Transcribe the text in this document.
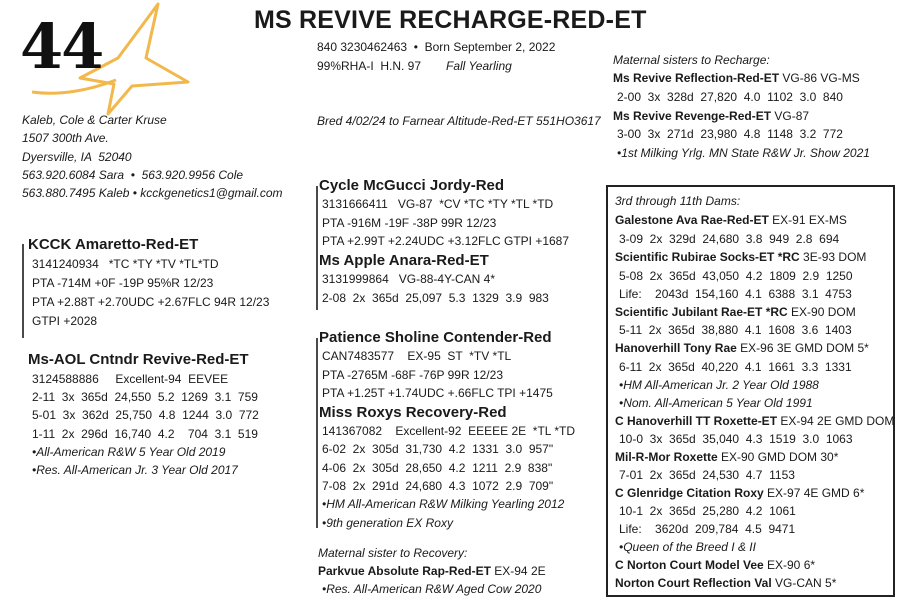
44	MS REVIVE RECHARGE-RED-ET
840 3230462463  •  Born September 2, 2022
99%RHA-I  H.N. 97 Fall Yearling
Bred 4/02/24 to Farnear Altitude-Red-ET 551HO3617
Kaleb, Cole & Carter Kruse
1507 300th Ave.
Dyersville, IA  52040
563.920.6084 Sara  •  563.920.9956 Cole
563.880.7495 Kaleb • kcckgenetics1@gmail.com
KCCK Amaretto-Red-ET
3141240934   *TC *TY *TV *TL*TD
PTA -714M +0F -19P 95%R 12/23
PTA +2.88T +2.70UDC +2.67FLC 94R 12/23
GTPI +2028
Ms-AOL Cntndr Revive-Red-ET
3124588886     Excellent-94  EEVEE
2-11  3x  365d  24,550  5.2  1269  3.1  759
5-01  3x  362d  25,750  4.8  1244  3.0  772
1-11  2x  296d  16,740  4.2    704  3.1  519
•All-American R&W 5 Year Old 2019
•Res. All-American Jr. 3 Year Old 2017
Cycle McGucci Jordy-Red
3131666411   VG-87  *CV *TC *TY *TL *TD
PTA -916M -19F -38P 99R 12/23
PTA +2.99T +2.24UDC +3.12FLC GTPI +1687
Ms Apple Anara-Red-ET
3131999864   VG-88-4Y-CAN 4*
2-08  2x  365d  25,097  5.3  1329  3.9  983
Patience Sholine Contender-Red
CAN7483577    EX-95  ST  *TV *TL
PTA -2765M -68F -76P 99R 12/23
PTA +1.25T +1.74UDC +.66FLC TPI +1475
Miss Roxys Recovery-Red
141367082    Excellent-92  EEEEE 2E  *TL *TD
6-02  2x  305d  31,730  4.2  1331  3.0  957"
4-06  2x  305d  28,650  4.2  1211  2.9  838"
7-08  2x  291d  24,680  4.3  1072  2.9  709"
•HM All-American R&W Milking Yearling 2012
•9th generation EX Roxy
Maternal sister to Recovery:
Parkvue Absolute Rap-Red-ET EX-94 2E
•Res. All-American R&W Aged Cow 2020
Maternal sisters to Recharge:
Ms Revive Reflection-Red-ET VG-86 VG-MS
2-00  3x  328d  27,820  4.0  1102  3.0  840
Ms Revive Revenge-Red-ET VG-87
3-00  3x  271d  23,980  4.8  1148  3.2  772
•1st Milking Yrlg. MN State R&W Jr. Show 2021
3rd through 11th Dams:
Galestone Ava Rae-Red-ET EX-91 EX-MS
3-09  2x  329d  24,680  3.8  949  2.8  694
Scientific Rubirae Socks-ET *RC 3E-93 DOM
5-08  2x  365d  43,050  4.2  1809  2.9  1250
Life:    2043d  154,160  4.1  6388  3.1  4753
Scientific Jubilant Rae-ET *RC EX-90 DOM
5-11  2x  365d  38,880  4.1  1608  3.6  1403
Hanoverhill Tony Rae EX-96 3E GMD DOM 5*
6-11  2x  365d  40,220  4.1  1661  3.3  1331
•HM All-American Jr. 2 Year Old 1988
•Nom. All-American 5 Year Old 1991
C Hanoverhill TT Roxette-ET EX-94 2E GMD DOM
10-0  3x  365d  35,040  4.3  1519  3.0  1063
Mil-R-Mor Roxette EX-90 GMD DOM 30*
7-01  2x  365d  24,530  4.7  1153
C Glenridge Citation Roxy EX-97 4E GMD 6*
10-1  2x  365d  25,280  4.2  1061
Life:    3620d  209,784  4.5  9471
•Queen of the Breed I & II
C Norton Court Model Vee EX-90 6*
Norton Court Reflection Val VG-CAN 5*
